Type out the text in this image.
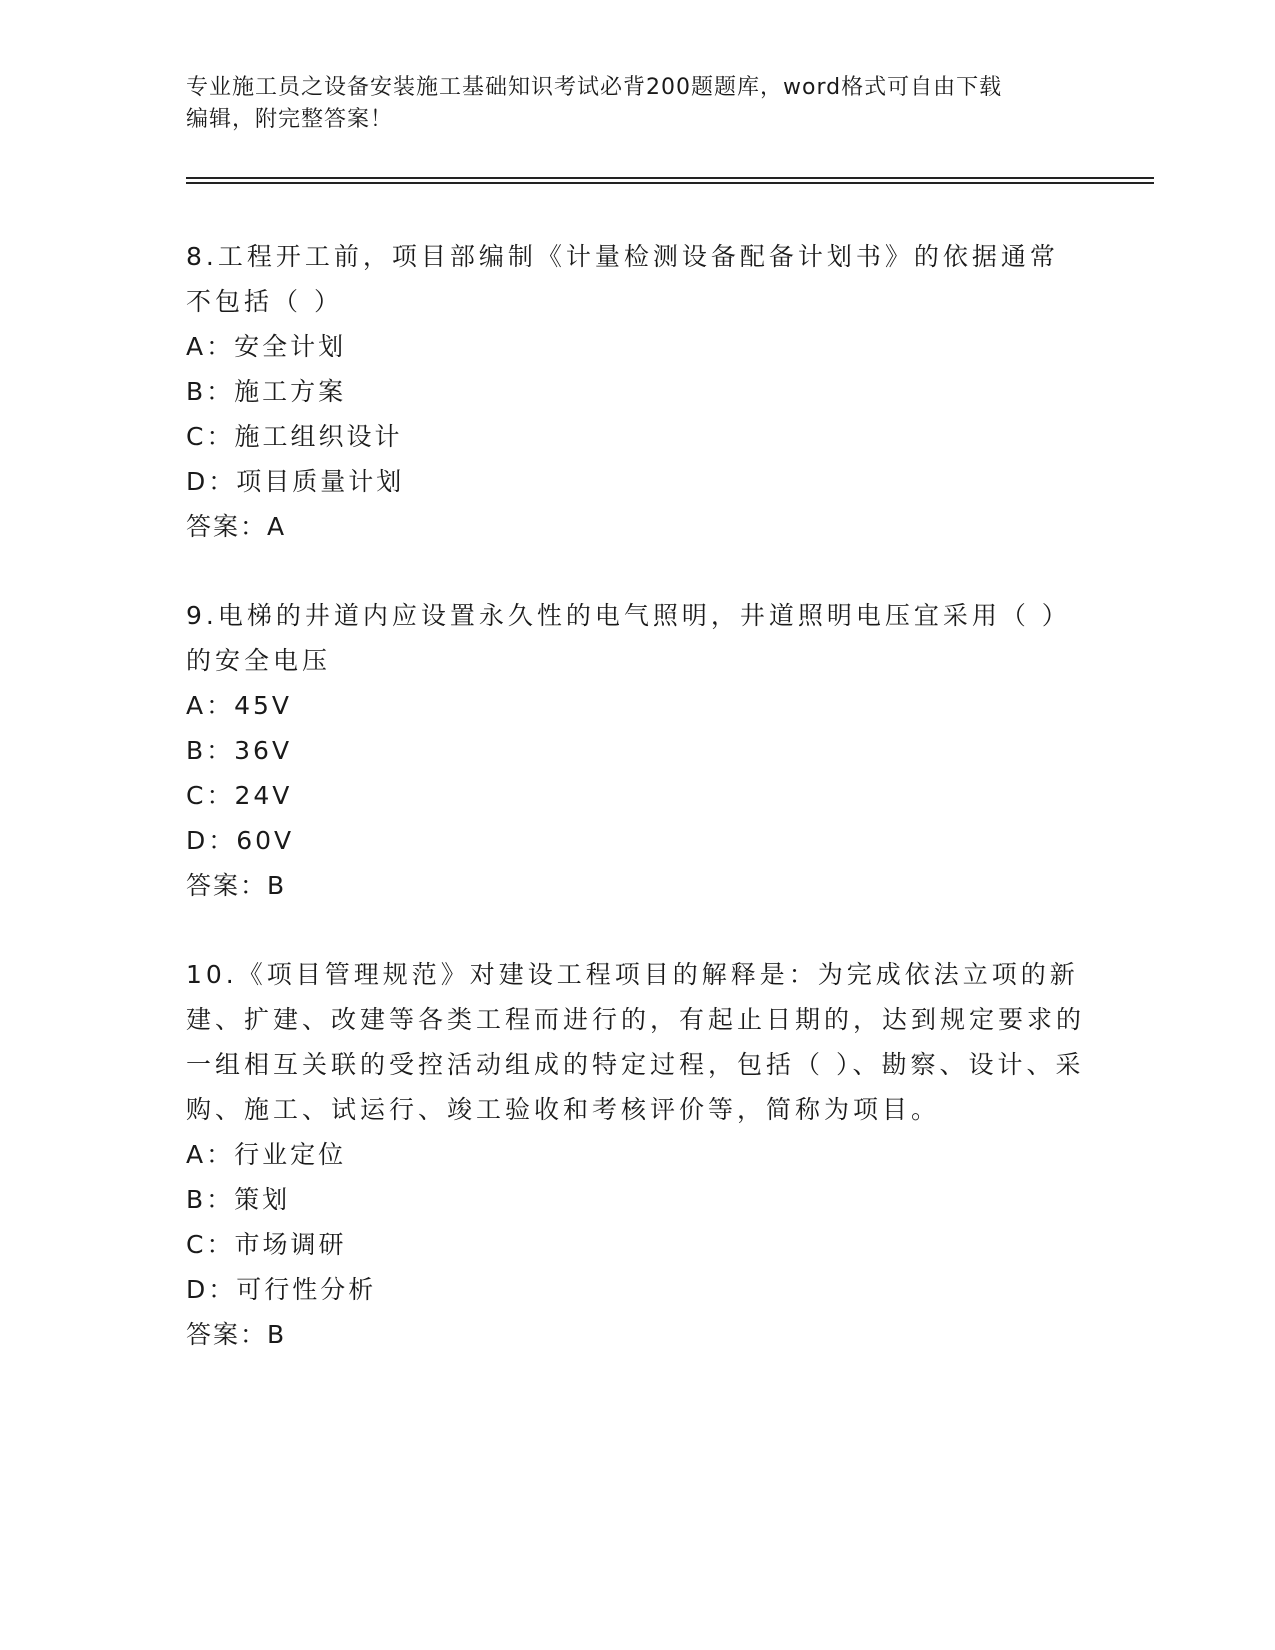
专业施工员之设备安装施工基础知识考试必背200题题库，word格式可自由下载
编辑，附完整答案！

8.工程开工前，项目部编制《计量检测设备配备计划书》的依据通常不包括（ ）

A：安全计划

B：施工方案

C：施工组织设计

D：项目质量计划

答案：A

9.电梯的井道内应设置永久性的电气照明，井道照明电压宜采用（ ）的安全电压

A：45V

B：36V

C：24V

D：60V

答案：B

10.《项目管理规范》对建设工程项目的解释是：为完成依法立项的新建、扩建、改建等各类工程而进行的，有起止日期的，达到规定要求的一组相互关联的受控活动组成的特定过程，包括（ ）、勘察、设计、采购、施工、试运行、竣工验收和考核评价等，简称为项目。

A：行业定位

B：策划

C：市场调研

D：可行性分析

答案：B
